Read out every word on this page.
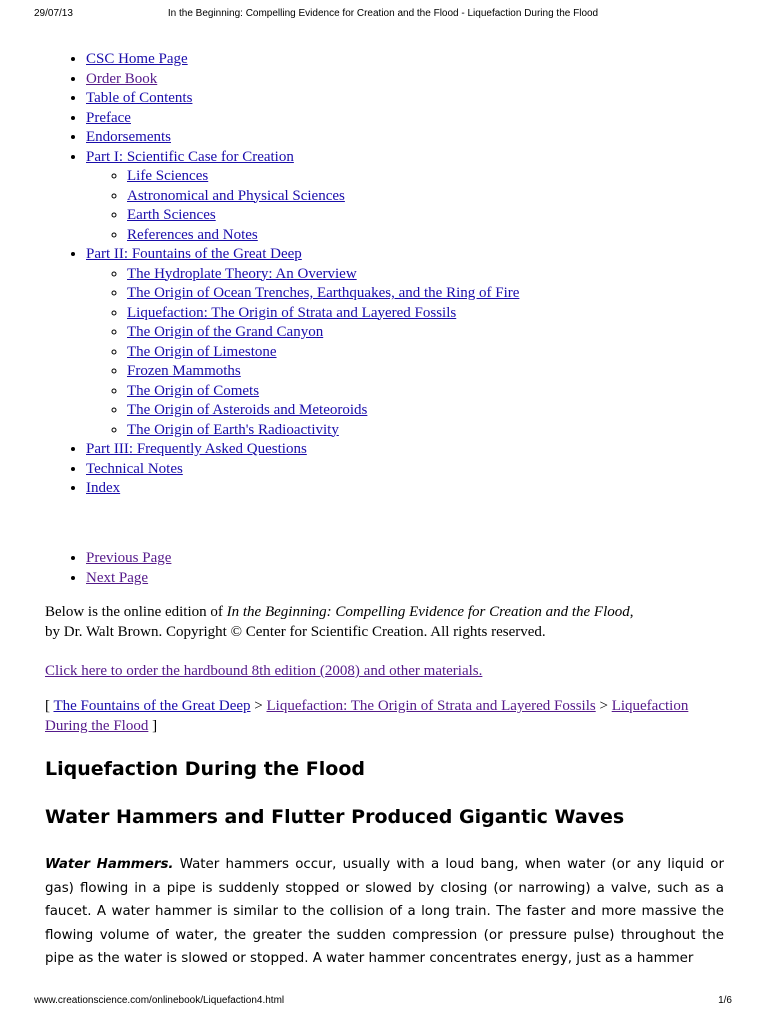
29/07/13	In the Beginning: Compelling Evidence for Creation and the Flood - Liquefaction During the Flood
• CSC Home Page
• Order Book
• Table of Contents
• Preface
• Endorsements
• Part I: Scientific Case for Creation
◦ Life Sciences
◦ Astronomical and Physical Sciences
◦ Earth Sciences
◦ References and Notes
• Part II: Fountains of the Great Deep
◦ The Hydroplate Theory: An Overview
◦ The Origin of Ocean Trenches, Earthquakes, and the Ring of Fire
◦ Liquefaction: The Origin of Strata and Layered Fossils
◦ The Origin of the Grand Canyon
◦ The Origin of Limestone
◦ Frozen Mammoths
◦ The Origin of Comets
◦ The Origin of Asteroids and Meteoroids
◦ The Origin of Earth's Radioactivity
• Part III: Frequently Asked Questions
• Technical Notes
• Index
• Previous Page
• Next Page
Below is the online edition of In the Beginning: Compelling Evidence for Creation and the Flood,
by Dr. Walt Brown. Copyright © Center for Scientific Creation. All rights reserved.
Click here to order the hardbound 8th edition (2008) and other materials.
[ The Fountains of the Great Deep > Liquefaction: The Origin of Strata and Layered Fossils > Liquefaction During the Flood ]
Liquefaction During the Flood
Water Hammers and Flutter Produced Gigantic Waves

Water Hammers. Water hammers occur, usually with a loud bang, when water (or any liquid or gas) flowing in a pipe is suddenly stopped or slowed by closing (or narrowing) a valve, such as a faucet. A water hammer is similar to the collision of a long train. The faster and more massive the flowing volume of water, the greater the sudden compression (or pressure pulse) throughout the pipe as the water is slowed or stopped. A water hammer concentrates energy, just as a hammer

www.creationscience.com/onlinebook/Liquefaction4.html	1/6
